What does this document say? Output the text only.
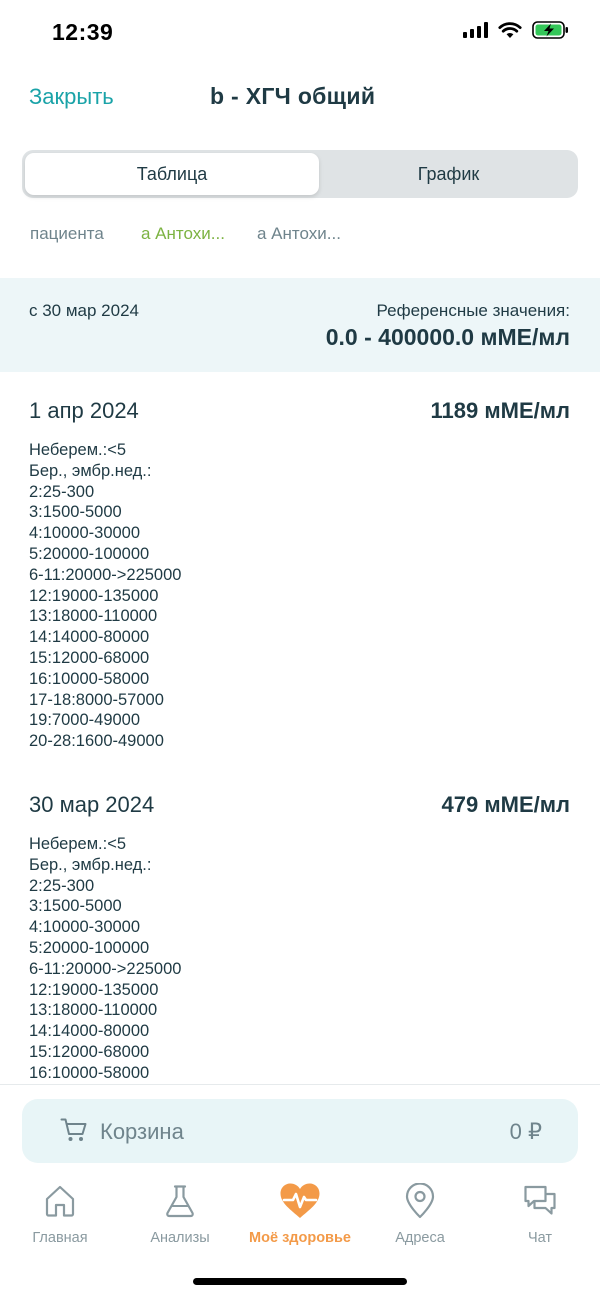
12:39
Закрыть	b - ХГЧ общий
Таблица	График
пациента а Антохи... а Антохи...
с 30 мар 2024	Референсные значения:
0.0 - 400000.0 мМЕ/мл
1 апр 2024	1189 мМЕ/мл
Неберем.:<5
Бер., эмбр.нед.:
2:25-300
3:1500-5000
4:10000-30000
5:20000-100000
6-11:20000->225000
12:19000-135000
13:18000-110000
14:14000-80000
15:12000-68000
16:10000-58000
17-18:8000-57000
19:7000-49000
20-28:1600-49000
30 мар 2024	479 мМЕ/мл
Неберем.:<5
Бер., эмбр.нед.:
2:25-300
3:1500-5000
4:10000-30000
5:20000-100000
6-11:20000->225000
12:19000-135000
13:18000-110000
14:14000-80000
15:12000-68000
16:10000-58000
Корзина	0 ₽
Главная	Анализы	Моё здоровье	Адреса	Чат
